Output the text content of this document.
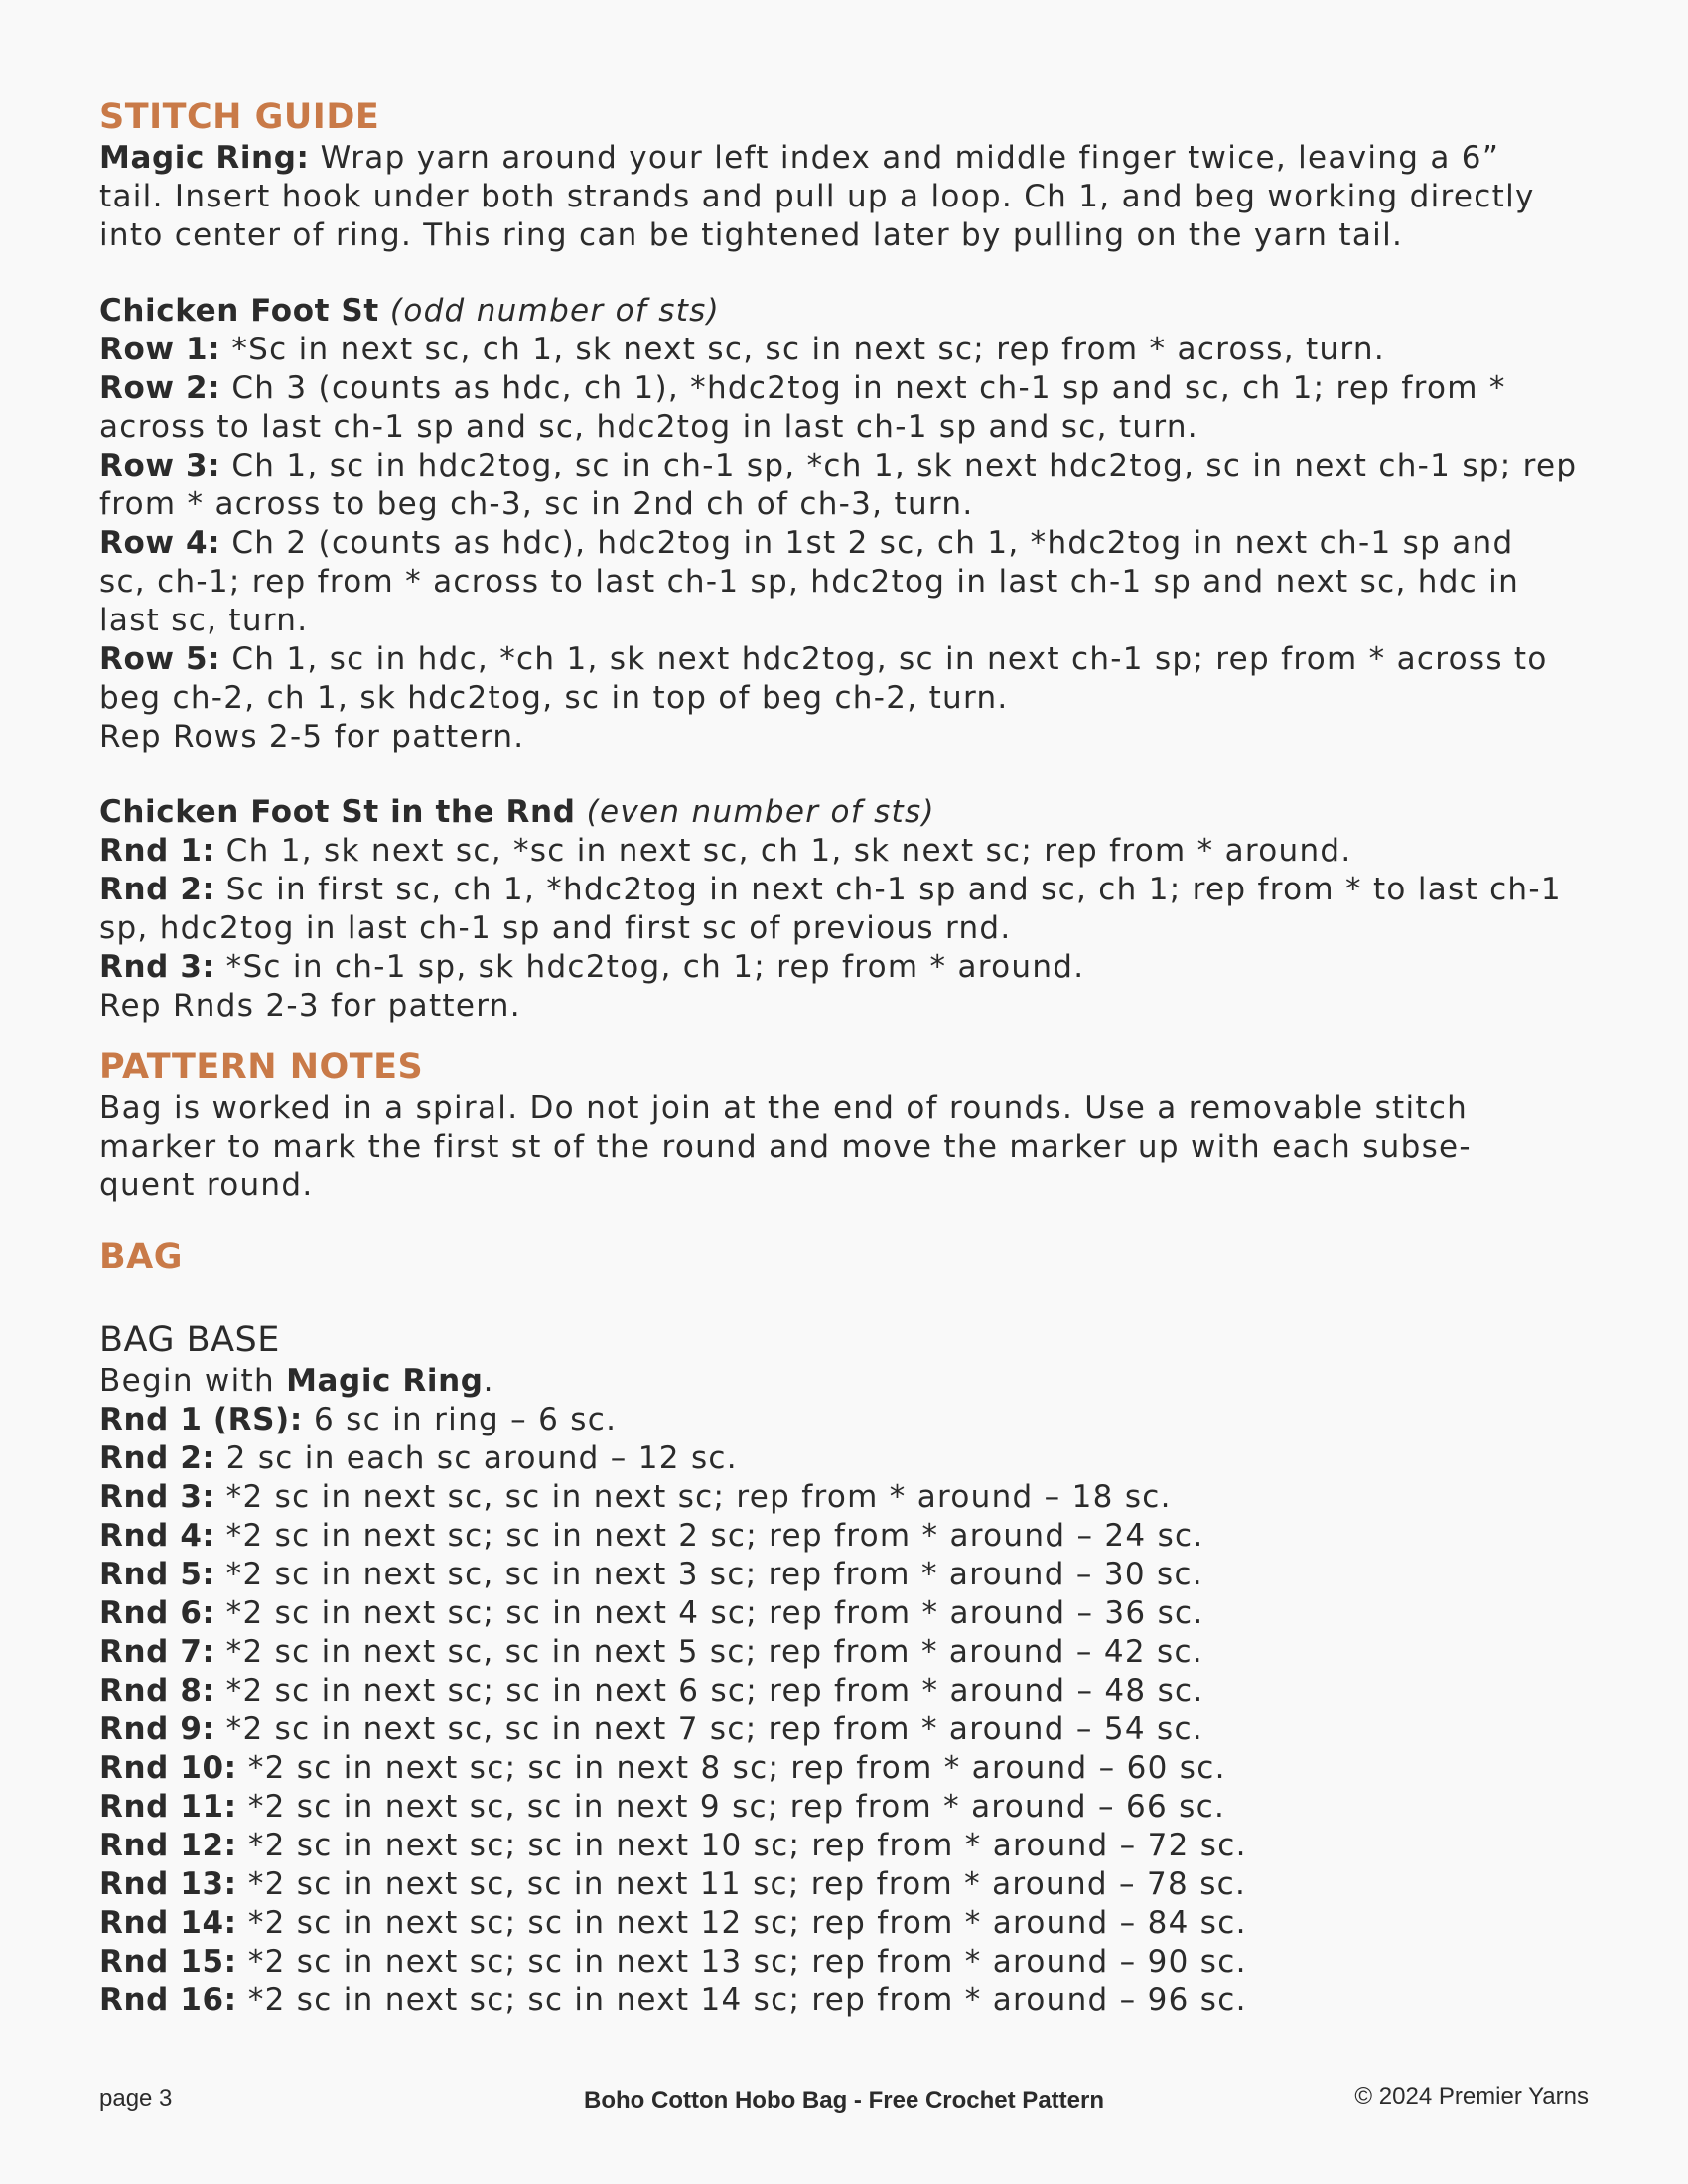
STITCH GUIDE
Magic Ring: Wrap yarn around your left index and middle finger twice, leaving a 6”
tail. Insert hook under both strands and pull up a loop. Ch 1, and beg working directly
into center of ring. This ring can be tightened later by pulling on the yarn tail.
Chicken Foot St (odd number of sts)
Row 1: *Sc in next sc, ch 1, sk next sc, sc in next sc; rep from * across, turn.
Row 2: Ch 3 (counts as hdc, ch 1), *hdc2tog in next ch-1 sp and sc, ch 1; rep from *
across to last ch-1 sp and sc, hdc2tog in last ch-1 sp and sc, turn.
Row 3: Ch 1, sc in hdc2tog, sc in ch-1 sp, *ch 1, sk next hdc2tog, sc in next ch-1 sp; rep
from * across to beg ch-3, sc in 2nd ch of ch-3, turn.
Row 4: Ch 2 (counts as hdc), hdc2tog in 1st 2 sc, ch 1, *hdc2tog in next ch-1 sp and
sc, ch-1; rep from * across to last ch-1 sp, hdc2tog in last ch-1 sp and next sc, hdc in
last sc, turn.
Row 5: Ch 1, sc in hdc, *ch 1, sk next hdc2tog, sc in next ch-1 sp; rep from * across to
beg ch-2, ch 1, sk hdc2tog, sc in top of beg ch-2, turn.
Rep Rows 2-5 for pattern.
Chicken Foot St in the Rnd (even number of sts)
Rnd 1: Ch 1, sk next sc, *sc in next sc, ch 1, sk next sc; rep from * around.
Rnd 2: Sc in first sc, ch 1, *hdc2tog in next ch-1 sp and sc, ch 1; rep from * to last ch-1
sp, hdc2tog in last ch-1 sp and first sc of previous rnd.
Rnd 3: *Sc in ch-1 sp, sk hdc2tog, ch 1; rep from * around.
Rep Rnds 2-3 for pattern.
PATTERN NOTES
Bag is worked in a spiral. Do not join at the end of rounds. Use a removable stitch
marker to mark the first st of the round and move the marker up with each subse-
quent round.
BAG
BAG BASE
Begin with Magic Ring.
Rnd 1 (RS): 6 sc in ring – 6 sc.
Rnd 2: 2 sc in each sc around – 12 sc.
Rnd 3: *2 sc in next sc, sc in next sc; rep from * around – 18 sc.
Rnd 4: *2 sc in next sc; sc in next 2 sc; rep from * around – 24 sc.
Rnd 5: *2 sc in next sc, sc in next 3 sc; rep from * around – 30 sc.
Rnd 6: *2 sc in next sc; sc in next 4 sc; rep from * around – 36 sc.
Rnd 7: *2 sc in next sc, sc in next 5 sc; rep from * around – 42 sc.
Rnd 8: *2 sc in next sc; sc in next 6 sc; rep from * around – 48 sc.
Rnd 9: *2 sc in next sc, sc in next 7 sc; rep from * around – 54 sc.
Rnd 10: *2 sc in next sc; sc in next 8 sc; rep from * around – 60 sc.
Rnd 11: *2 sc in next sc, sc in next 9 sc; rep from * around – 66 sc.
Rnd 12: *2 sc in next sc; sc in next 10 sc; rep from * around – 72 sc.
Rnd 13: *2 sc in next sc, sc in next 11 sc; rep from * around – 78 sc.
Rnd 14: *2 sc in next sc; sc in next 12 sc; rep from * around – 84 sc.
Rnd 15: *2 sc in next sc; sc in next 13 sc; rep from * around – 90 sc.
Rnd 16: *2 sc in next sc; sc in next 14 sc; rep from * around – 96 sc.
page 3	Boho Cotton Hobo Bag - Free Crochet Pattern	© 2024 Premier Yarns
